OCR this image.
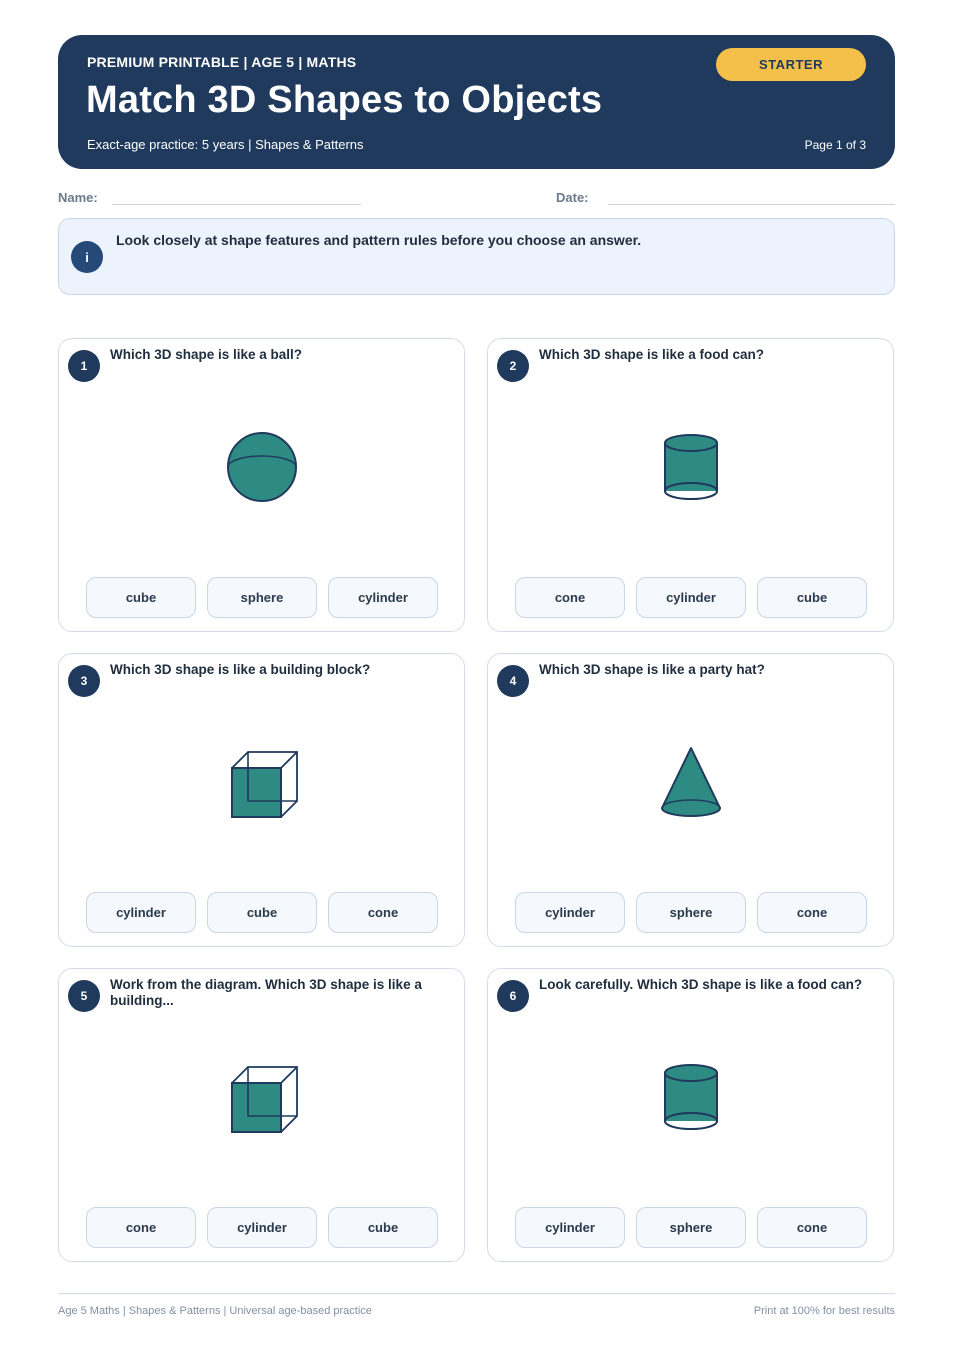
PREMIUM PRINTABLE | AGE 5 | MATHS
Match 3D Shapes to Objects
Exact-age practice: 5 years | Shapes & Patterns	Page 1 of 3
STARTER
Name:	Date:
i
Look closely at shape features and pattern rules before you choose an answer.
1
Which 3D shape is like a ball?
cube	sphere	cylinder
2
Which 3D shape is like a food can?
cone	cylinder	cube
3
Which 3D shape is like a building block?
cylinder	cube	cone
4
Which 3D shape is like a party hat?
cylinder	sphere	cone
5
Work from the diagram. Which 3D shape is like a building...
cone	cylinder	cube
6
Look carefully. Which 3D shape is like a food can?
cylinder	sphere	cone
Age 5 Maths | Shapes & Patterns | Universal age-based practice	Print at 100% for best results
